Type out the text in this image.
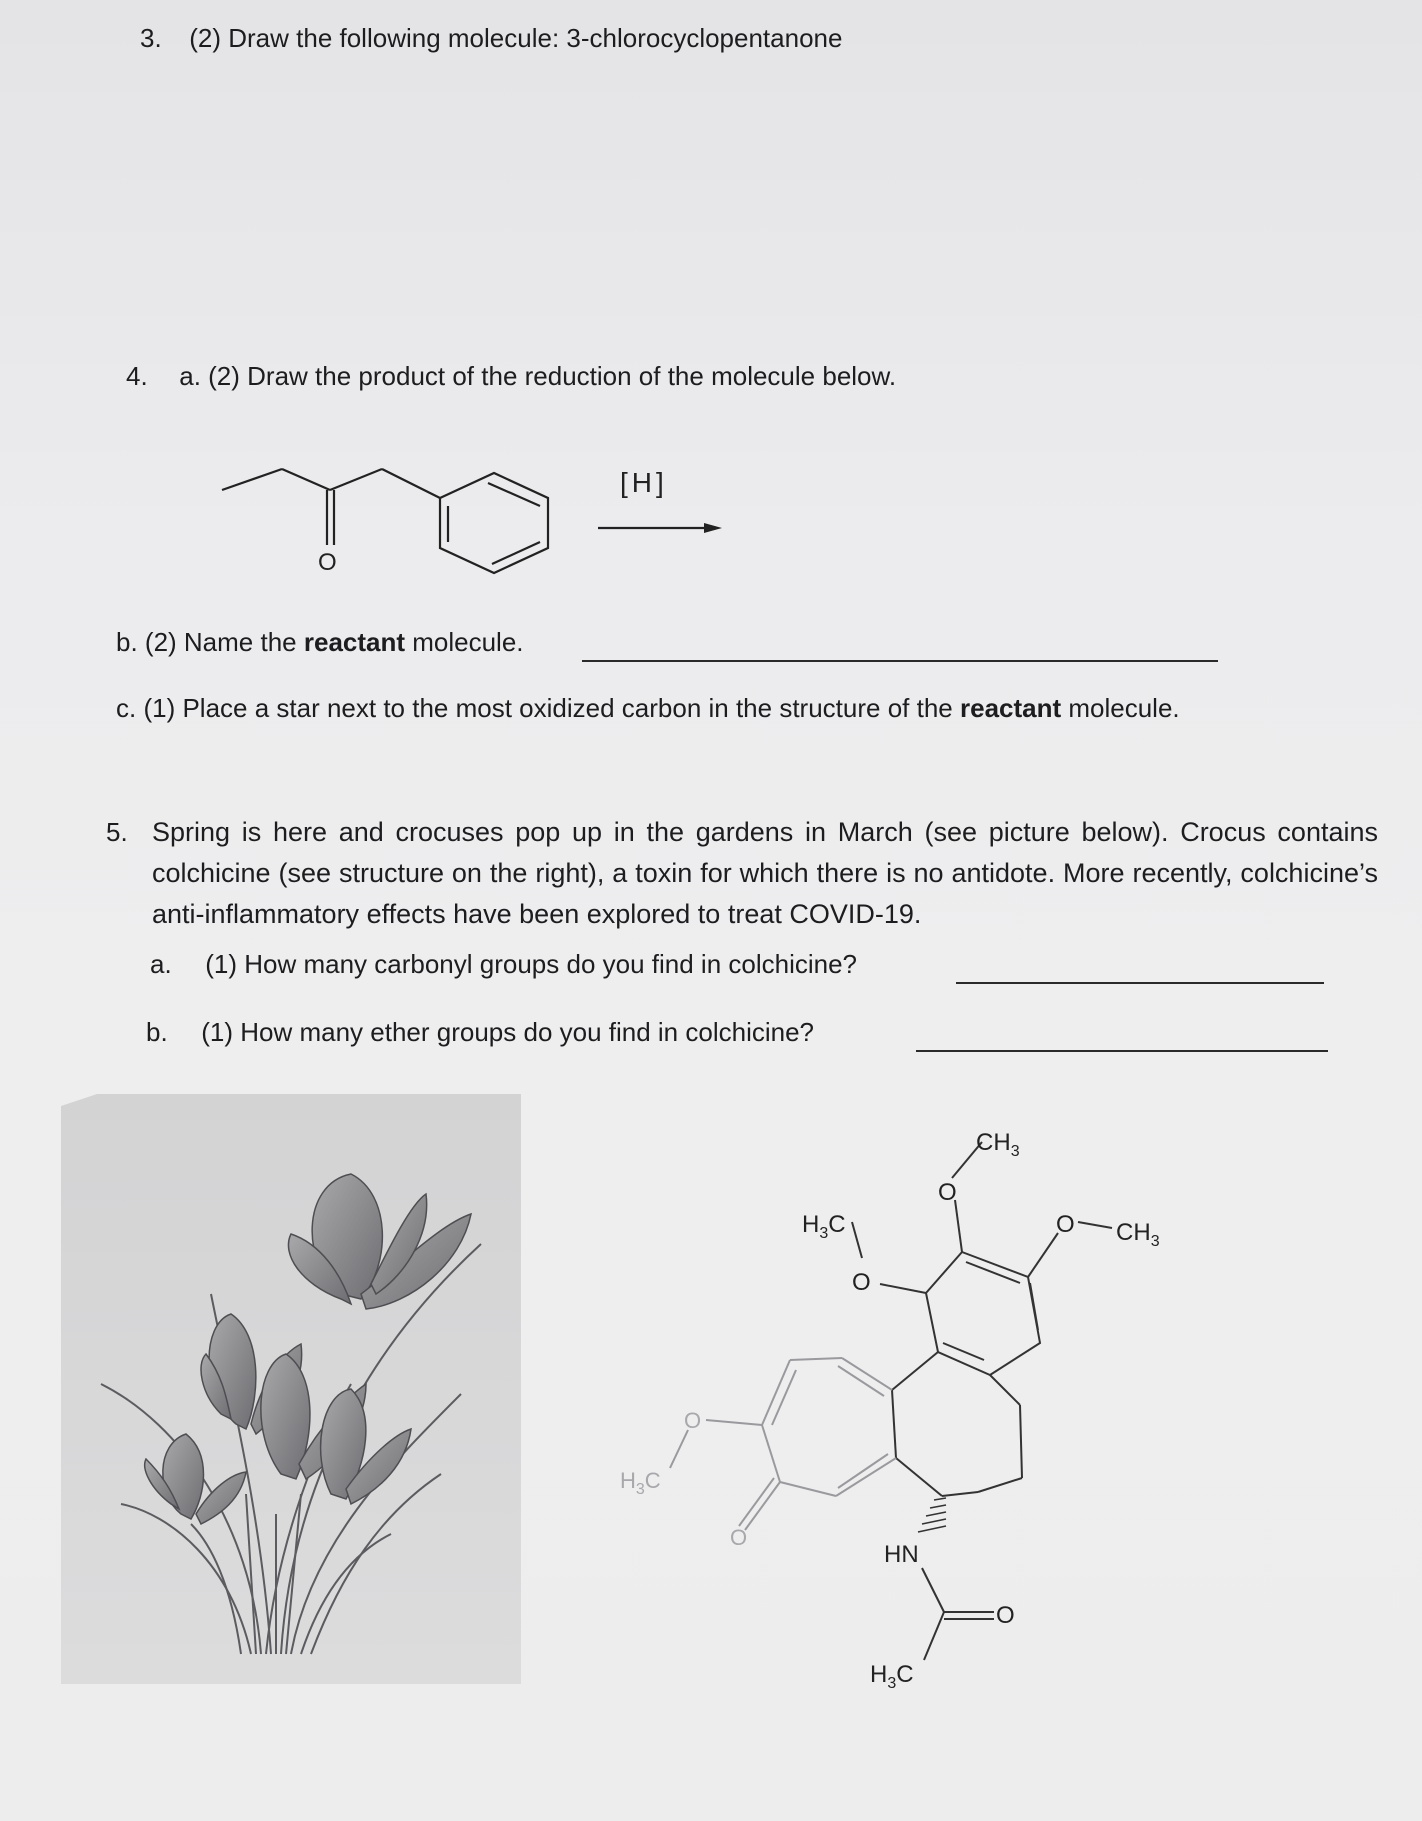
3. (2) Draw the following molecule: 3-chlorocyclopentanone
4. a. (2) Draw the product of the reduction of the molecule below.
O
[H]
b. (2) Name the reactant molecule.
c. (1) Place a star next to the most oxidized carbon in the structure of the reactant molecule.
5. Spring is here and crocuses pop up in the gardens in March (see picture below). Crocus contains colchicine (see structure on the right), a toxin for which there is no antidote. More recently, colchicine’s anti-inflammatory effects have been explored to treat COVID-19.
a. (1) How many carbonyl groups do you find in colchicine?
b. (1) How many ether groups do you find in colchicine?
$CH_3$
O
$H_3C$
O
O $CH_3$
HN
O
$H_3C$
$H_3C$
O
O
